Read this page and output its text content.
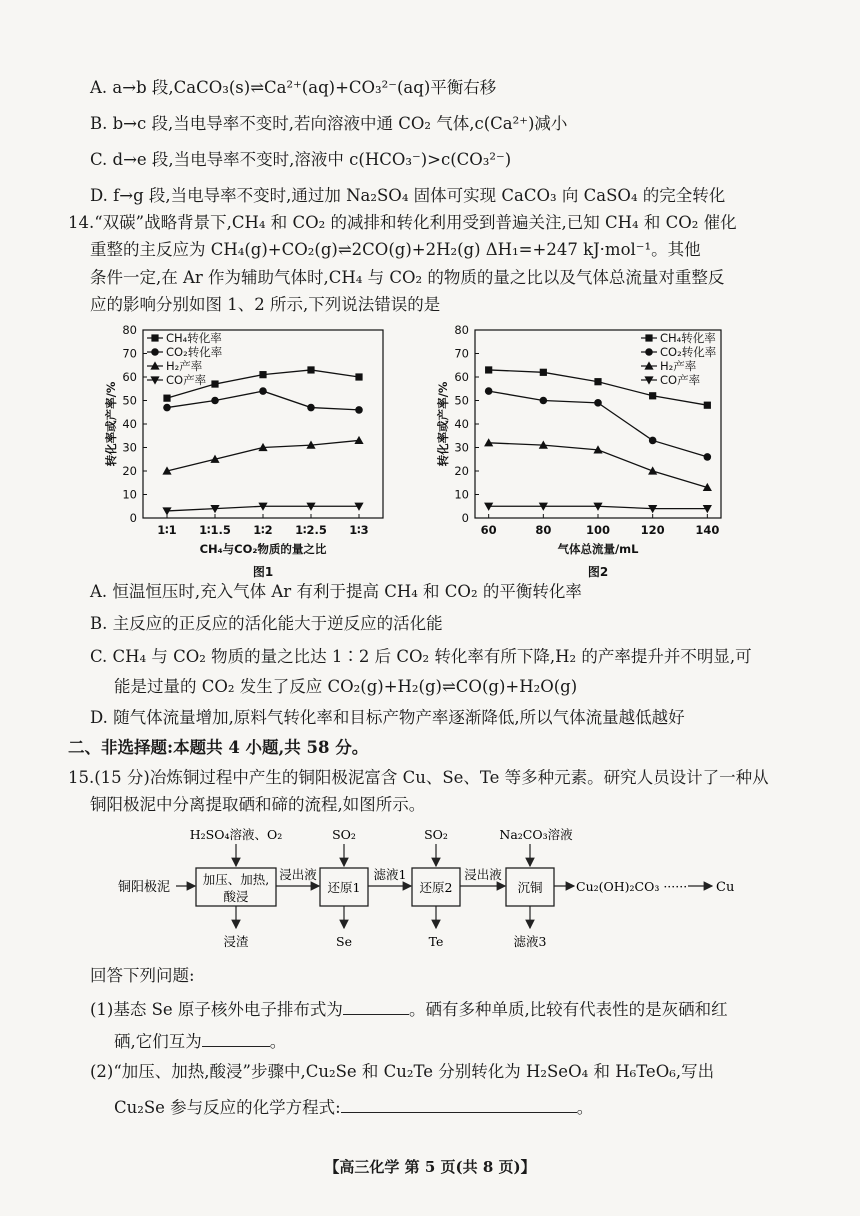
A. a→b 段,CaCO₃(s)⇌Ca²⁺(aq)+CO₃²⁻(aq)平衡右移
B. b→c 段,当电导率不变时,若向溶液中通 CO₂ 气体,c(Ca²⁺)减小
C. d→e 段,当电导率不变时,溶液中 c(HCO₃⁻)>c(CO₃²⁻)
D. f→g 段,当电导率不变时,通过加 Na₂SO₄ 固体可实现 CaCO₃ 向 CaSO₄ 的完全转化
14.“双碳”战略背景下,CH₄ 和 CO₂ 的减排和转化利用受到普遍关注,已知 CH₄ 和 CO₂ 催化
重整的主反应为 CH₄(g)+CO₂(g)⇌2CO(g)+2H₂(g) ΔH₁=+247 kJ·mol⁻¹。其他
条件一定,在 Ar 作为辅助气体时,CH₄ 与 CO₂ 的物质的量之比以及气体总流量对重整反
应的影响分别如图 1、2 所示,下列说法错误的是
0
10
20
30
40
50
60
70
80
1∶1 1∶1.5 1∶2 1∶2.5 1∶3
CH₄与CO₂物质的量之比
转化率或产率/%
CH₄转化率
CO₂转化率
H₂产率
CO产率
图1
0
10
20
30
40
50
60
70
80
60	80	100	120	140
气体总流量/mL
转化率或产率/%
CH₄转化率
CO₂转化率
H₂产率
CO产率
图2
A. 恒温恒压时,充入气体 Ar 有利于提高 CH₄ 和 CO₂ 的平衡转化率
B. 主反应的正反应的活化能大于逆反应的活化能
C. CH₄ 与 CO₂ 物质的量之比达 1∶2 后 CO₂ 转化率有所下降,H₂ 的产率提升并不明显,可
能是过量的 CO₂ 发生了反应 CO₂(g)+H₂(g)⇌CO(g)+H₂O(g)
D. 随气体流量增加,原料气转化率和目标产物产率逐渐降低,所以气体流量越低越好
二、非选择题:本题共 4 小题,共 58 分。
15.(15 分)冶炼铜过程中产生的铜阳极泥富含 Cu、Se、Te 等多种元素。研究人员设计了一种从
铜阳极泥中分离提取硒和碲的流程,如图所示。
铜阳极泥
加压、加热,
酸浸
H₂SO₄溶液、O₂
浸渣
浸出液
还原1
SO₂
Se
滤液1
还原2
SO₂
Te
浸出液
沉铜
Na₂CO₃溶液
滤液3
Cu₂(OH)₂CO₃ ······ Cu
回答下列问题:
(1)基态 Se 原子核外电子排布式为	。硒有多种单质,比较有代表性的是灰硒和红
硒,它们互为	。
(2)“加压、加热,酸浸”步骤中,Cu₂Se 和 Cu₂Te 分别转化为 H₂SeO₄ 和 H₆TeO₆,写出
Cu₂Se 参与反应的化学方程式:	。
【高三化学 第 5 页(共 8 页)】
